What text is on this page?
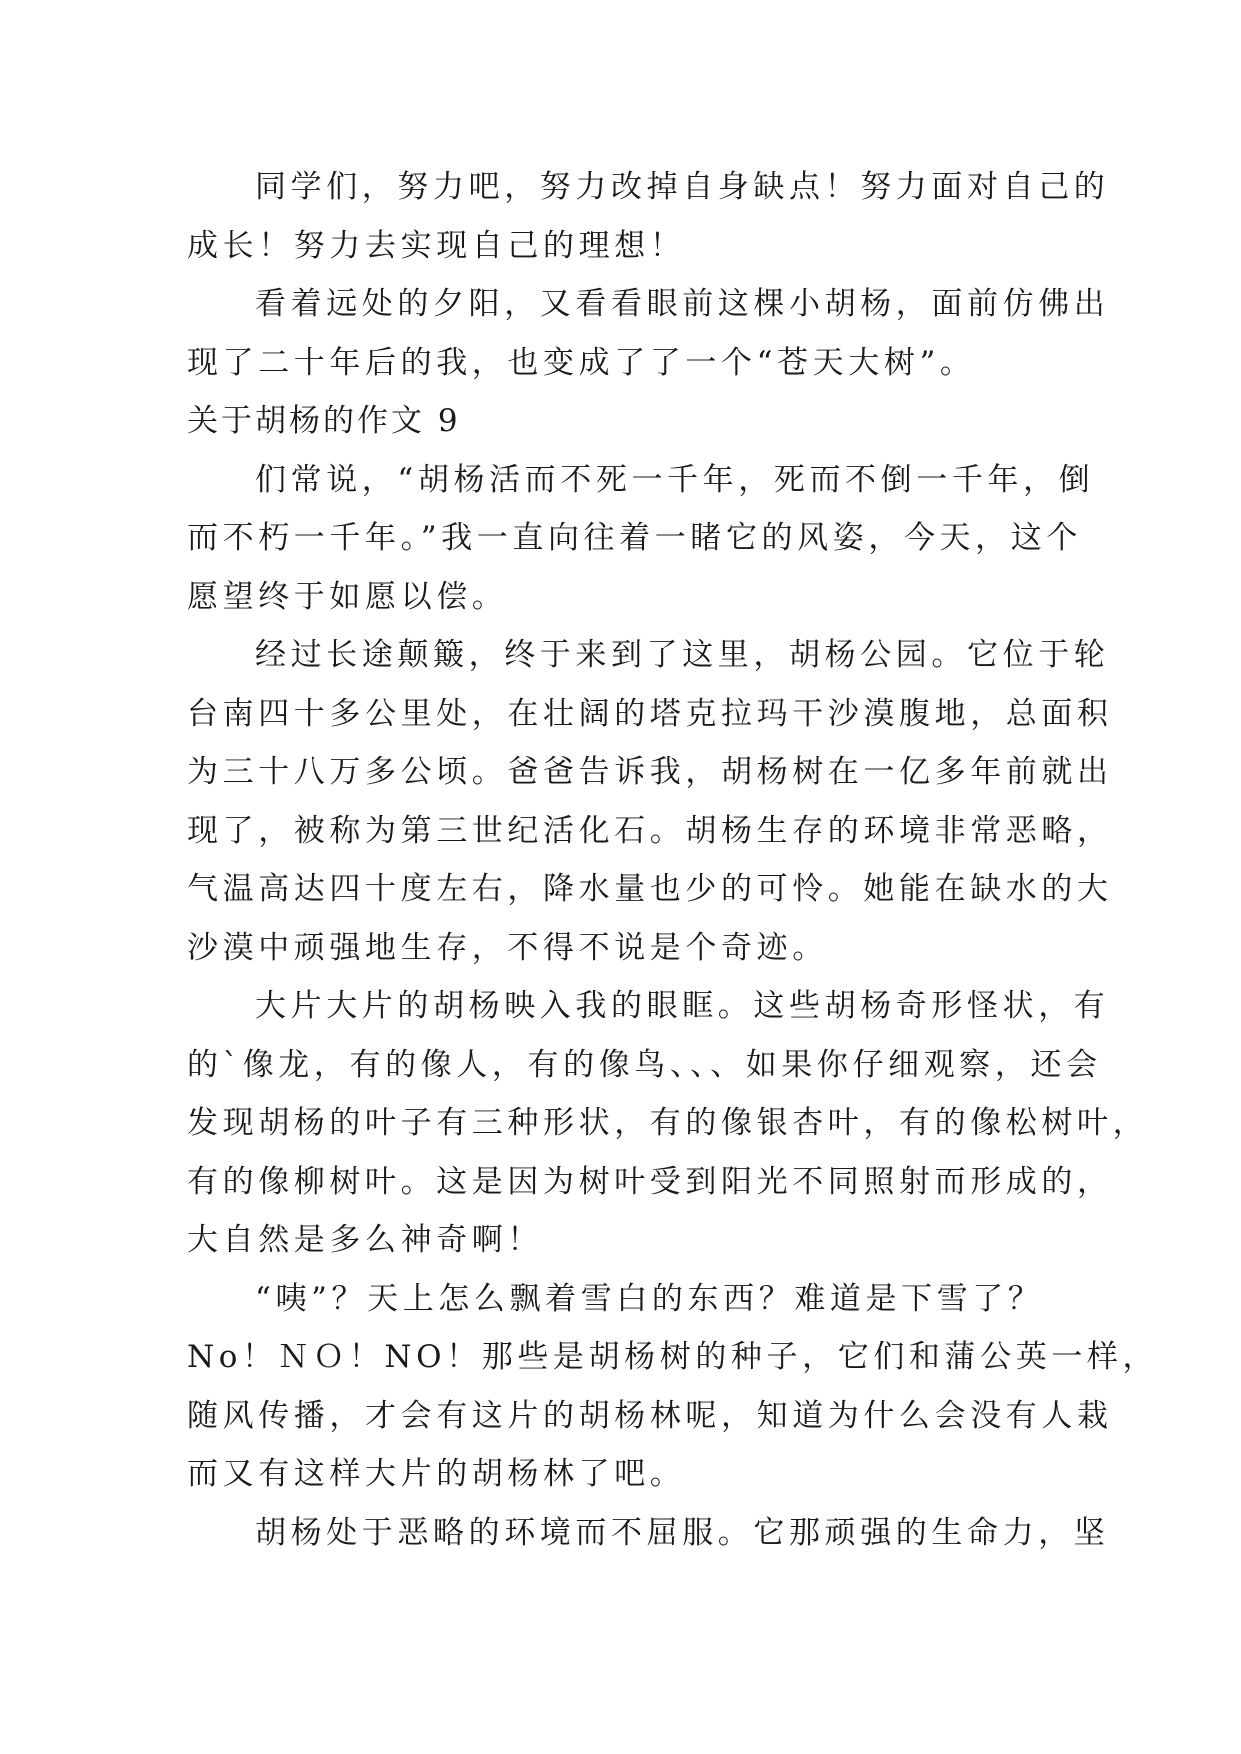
同学们，努力吧，努力改掉自身缺点！努力面对自己的
成长！努力去实现自己的理想！
看着远处的夕阳，又看看眼前这棵小胡杨，面前仿佛出
现了二十年后的我，也变成了了一个“苍天大树”。
关于胡杨的作文 9
们常说，“胡杨活而不死一千年，死而不倒一千年，倒
而不朽一千年。”我一直向往着一睹它的风姿，今天，这个
愿望终于如愿以偿。
经过长途颠簸，终于来到了这里，胡杨公园。它位于轮
台南四十多公里处，在壮阔的塔克拉玛干沙漠腹地，总面积
为三十八万多公顷。爸爸告诉我，胡杨树在一亿多年前就出
现了，被称为第三世纪活化石。胡杨生存的环境非常恶略，
气温高达四十度左右，降水量也少的可怜。她能在缺水的大
沙漠中顽强地生存，不得不说是个奇迹。
大片大片的胡杨映入我的眼眶。这些胡杨奇形怪状，有
的`像龙，有的像人，有的像鸟、、、如果你仔细观察，还会
发现胡杨的叶子有三种形状，有的像银杏叶，有的像松树叶，
有的像柳树叶。这是因为树叶受到阳光不同照射而形成的，
大自然是多么神奇啊！
“咦”？天上怎么飘着雪白的东西？难道是下雪了？
No！ＮＯ！NO！那些是胡杨树的种子，它们和蒲公英一样，
随风传播，才会有这片的胡杨林呢，知道为什么会没有人栽
而又有这样大片的胡杨林了吧。
胡杨处于恶略的环境而不屈服。它那顽强的生命力，坚
